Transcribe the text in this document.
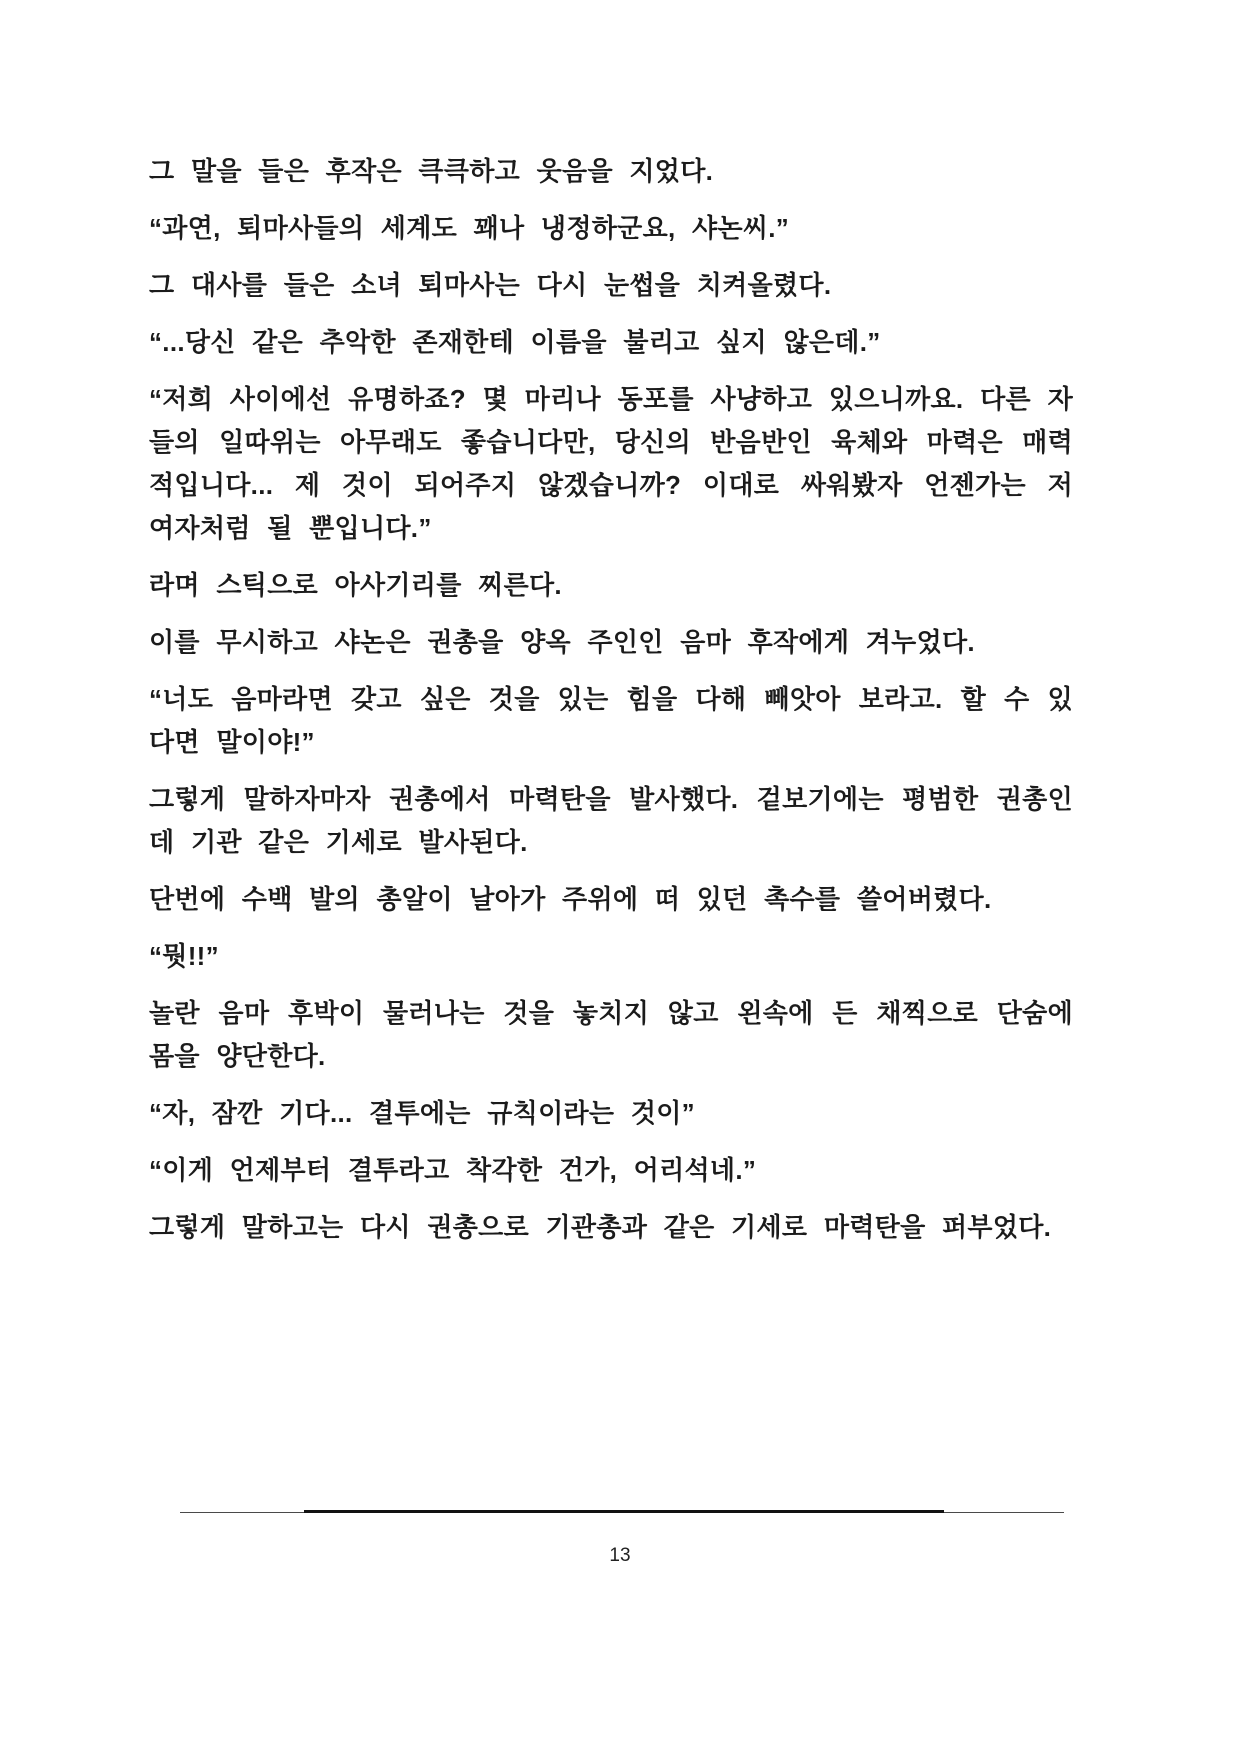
그 말을 들은 후작은 큭큭하고 웃음을 지었다.

“과연, 퇴마사들의 세계도 꽤나 냉정하군요, 샤논씨.”

그 대사를 들은 소녀 퇴마사는 다시 눈썹을 치켜올렸다.

“...당신 같은 추악한 존재한테 이름을 불리고 싶지 않은데.”

“저희 사이에선 유명하죠? 몇 마리나 동포를 사냥하고 있으니까요. 다른 자들의 일따위는 아무래도 좋습니다만, 당신의 반음반인 육체와 마력은 매력적입니다... 제 것이 되어주지 않겠습니까? 이대로 싸워봤자 언젠가는 저 여자처럼 될 뿐입니다.”

라며 스틱으로 아사기리를 찌른다.

이를 무시하고 샤논은 권총을 양옥 주인인 음마 후작에게 겨누었다.

“너도 음마라면 갖고 싶은 것을 있는 힘을 다해 빼앗아 보라고. 할 수 있다면 말이야!”

그렇게 말하자마자 권총에서 마력탄을 발사했다. 겉보기에는 평범한 권총인데 기관 같은 기세로 발사된다.

단번에 수백 발의 총알이 날아가 주위에 떠 있던 촉수를 쓸어버렸다.

“뭣!!”

놀란 음마 후박이 물러나는 것을 놓치지 않고 왼속에 든 채찍으로 단숨에 몸을 양단한다.

“자, 잠깐 기다... 결투에는 규칙이라는 것이”

“이게 언제부터 결투라고 착각한 건가, 어리석네.”

그렇게 말하고는 다시 권총으로 기관총과 같은 기세로 마력탄을 퍼부었다.

13
